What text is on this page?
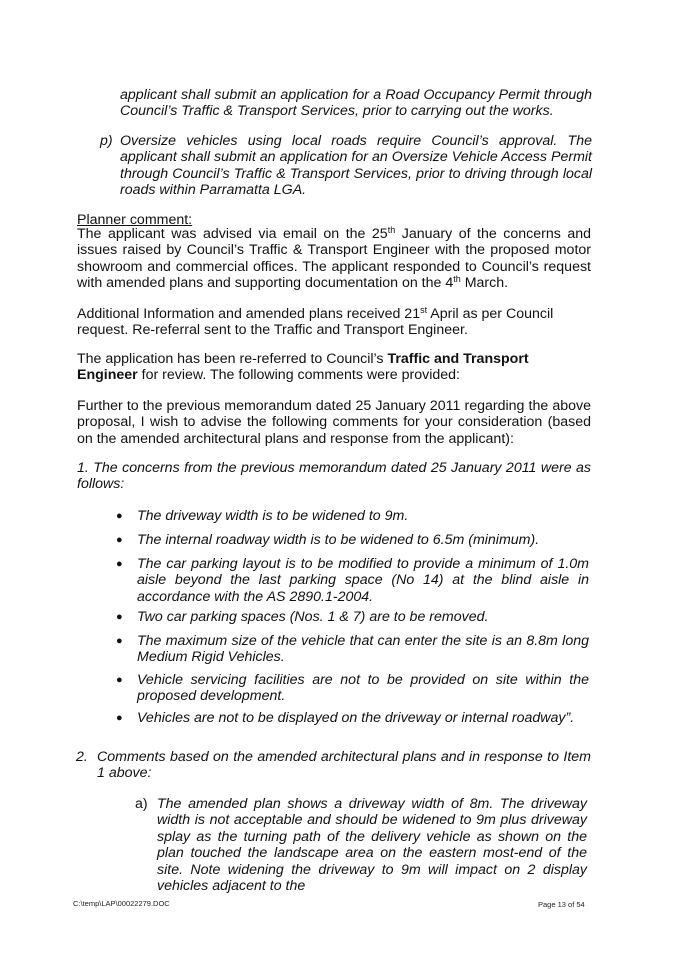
applicant shall submit an application for a Road Occupancy Permit through Council’s Traffic & Transport Services, prior to carrying out the works.

p) Oversize vehicles using local roads require Council’s approval. The applicant shall submit an application for an Oversize Vehicle Access Permit through Council’s Traffic & Transport Services, prior to driving through local roads within Parramatta LGA.

Planner comment:

The applicant was advised via email on the 25th January of the concerns and issues raised by Council’s Traffic & Transport Engineer with the proposed motor showroom and commercial offices. The applicant responded to Council’s request with amended plans and supporting documentation on the 4th March.

Additional Information and amended plans received 21st April as per Council request. Re-referral sent to the Traffic and Transport Engineer.

The application has been re-referred to Council’s Traffic and Transport Engineer for review. The following comments were provided:

Further to the previous memorandum dated 25 January 2011 regarding the above proposal, I wish to advise the following comments for your consideration (based on the amended architectural plans and response from the applicant):

1. The concerns from the previous memorandum dated 25 January 2011 were as follows:

● The driveway width is to be widened to 9m.

● The internal roadway width is to be widened to 6.5m (minimum).

● The car parking layout is to be modified to provide a minimum of 1.0m aisle beyond the last parking space (No 14) at the blind aisle in accordance with the AS 2890.1-2004.

● Two car parking spaces (Nos. 1 & 7) are to be removed.

● The maximum size of the vehicle that can enter the site is an 8.8m long Medium Rigid Vehicles.

● Vehicle servicing facilities are not to be provided on site within the proposed development.

● Vehicles are not to be displayed on the driveway or internal roadway”.

2. Comments based on the amended architectural plans and in response to Item 1 above:

a) The amended plan shows a driveway width of 8m. The driveway width is not acceptable and should be widened to 9m plus driveway splay as the turning path of the delivery vehicle as shown on the plan touched the landscape area on the eastern most-end of the site. Note widening the driveway to 9m will impact on 2 display vehicles adjacent to the

C:\temp\LAP\00022279.DOC	Page 13 of 54
